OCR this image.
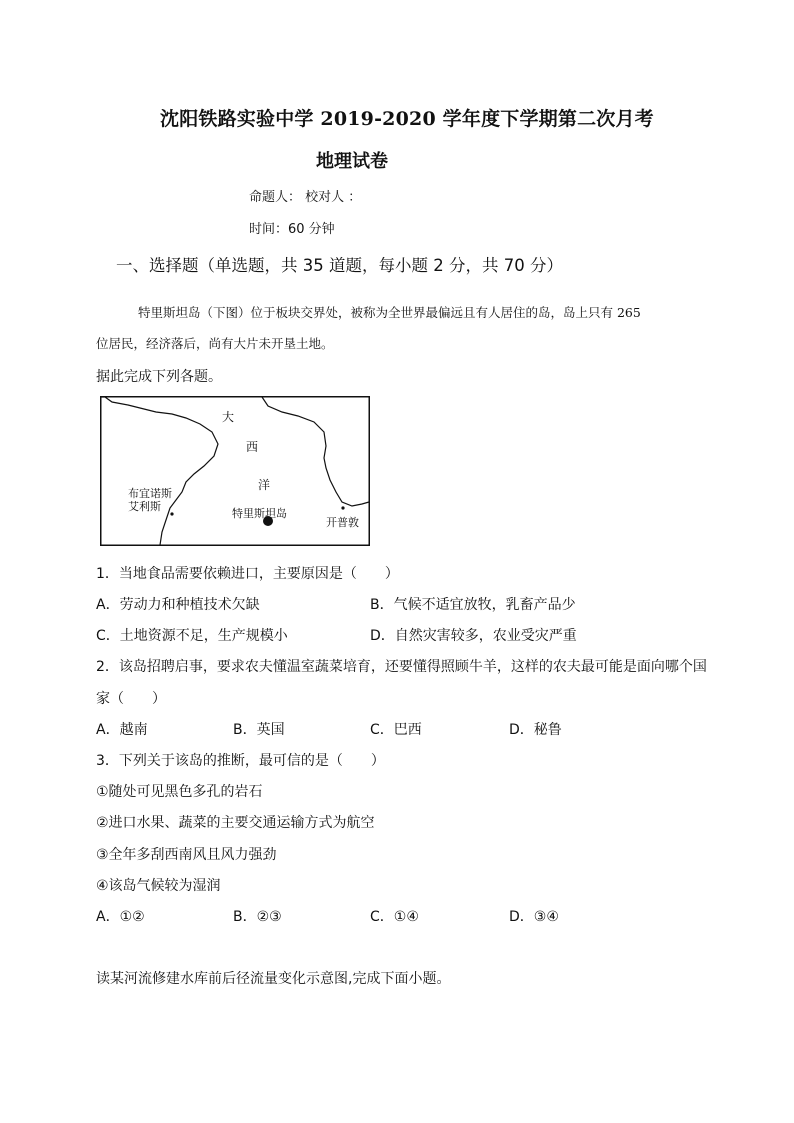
沈阳铁路实验中学 2019-2020 学年度下学期第二次月考
地理试卷
命题人： 校对人 ：
时间：60 分钟
一、选择题（单选题，共 35 道题，每小题 2 分，共 70 分）
特里斯坦岛（下图）位于板块交界处，被称为全世界最偏远且有人居住的岛，岛上只有 265
位居民，经济落后，尚有大片未开垦土地。
据此完成下列各题。
大
西
洋
布宜诺斯
艾利斯
特里斯坦岛
开普敦
1．当地食品需要依赖进口，主要原因是（　　）
A．劳动力和种植技术欠缺	B．气候不适宜放牧，乳畜产品少
C．土地资源不足，生产规模小	D．自然灾害较多，农业受灾严重
2．该岛招聘启事，要求农夫懂温室蔬菜培育，还要懂得照顾牛羊，这样的农夫最可能是面向哪个国
家（　　）
A．越南	B．英国	C．巴西	D．秘鲁
3．下列关于该岛的推断，最可信的是（　　）
①随处可见黑色多孔的岩石
②进口水果、蔬菜的主要交通运输方式为航空
③全年多刮西南风且风力强劲
④该岛气候较为湿润
A．①②	B．②③	C．①④	D．③④
读某河流修建水库前后径流量变化示意图,完成下面小题。
